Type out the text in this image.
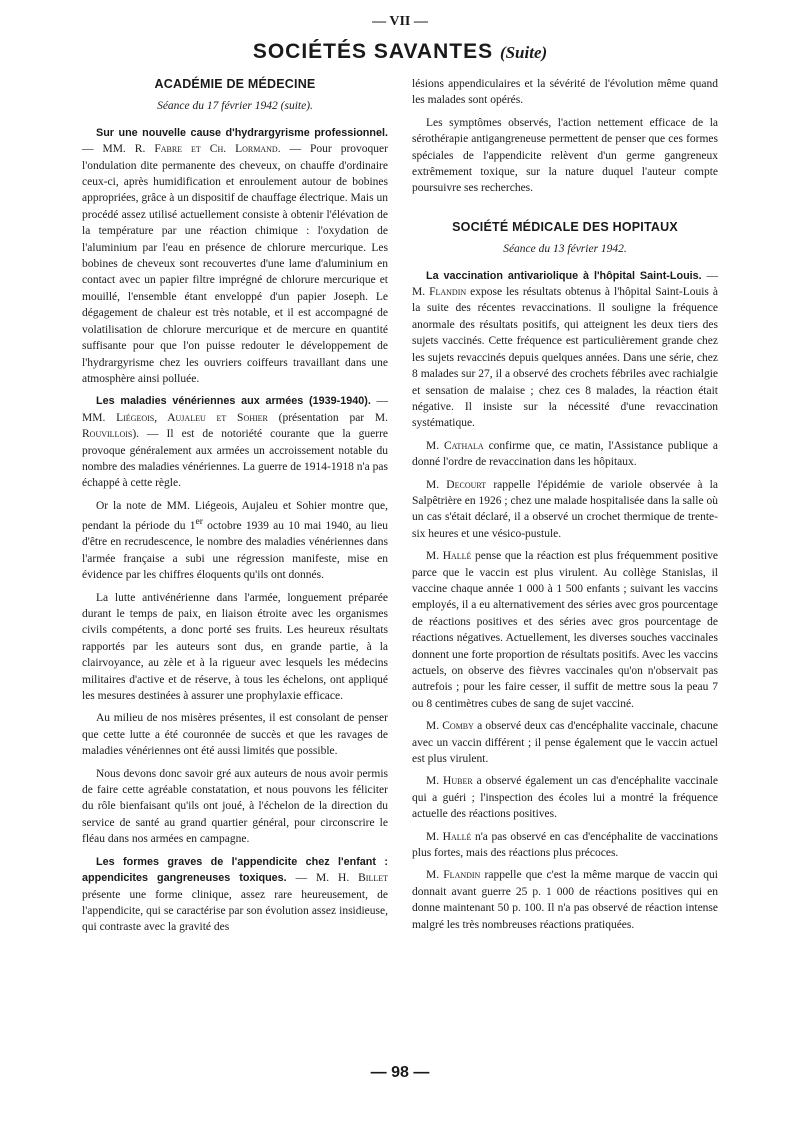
— VII —
SOCIÉTÉS SAVANTES (Suite)
ACADÉMIE DE MÉDECINE
Séance du 17 février 1942 (suite).

Sur une nouvelle cause d'hydrargyrisme professionnel. — MM. R. Fabre et Ch. Lormand. — Pour provoquer l'ondulation dite permanente des cheveux, on chauffe d'ordinaire ceux-ci, après humidification et enroulement autour de bobines appropriées, grâce à un dispositif de chauffage électrique. Mais un procédé assez utilisé actuellement consiste à obtenir l'élévation de la température par une réaction chimique : l'oxydation de l'aluminium par l'eau en présence de chlorure mercurique. Les bobines de cheveux sont recouvertes d'une lame d'aluminium en contact avec un papier filtre imprégné de chlorure mercurique et mouillé, l'ensemble étant enveloppé d'un papier Joseph. Le dégagement de chaleur est très notable, et il est accompagné de volatilisation de chlorure mercurique et de mercure en quantité suffisante pour que l'on puisse redouter le développement de l'hydrargyrisme chez les ouvriers coiffeurs travaillant dans une atmosphère ainsi polluée.

Les maladies vénériennes aux armées (1939-1940). — MM. Liégeois, Aujaleu et Sohier (présentation par M. Rouvillois). — Il est de notoriété courante que la guerre provoque généralement aux armées un accroissement notable du nombre des maladies vénériennes. La guerre de 1914-1918 n'a pas échappé à cette règle.

Or la note de MM. Liégeois, Aujaleu et Sohier montre que, pendant la période du 1er octobre 1939 au 10 mai 1940, au lieu d'être en recrudescence, le nombre des maladies vénériennes dans l'armée française a subi une régression manifeste, mise en évidence par les chiffres éloquents qu'ils ont donnés.

La lutte antivénérienne dans l'armée, longuement préparée durant le temps de paix, en liaison étroite avec les organismes civils compétents, a donc porté ses fruits. Les heureux résultats rapportés par les auteurs sont dus, en grande partie, à la clairvoyance, au zèle et à la rigueur avec lesquels les médecins militaires d'active et de réserve, à tous les échelons, ont appliqué les mesures destinées à assurer une prophylaxie efficace.

Au milieu de nos misères présentes, il est consolant de penser que cette lutte a été couronnée de succès et que les ravages de maladies vénériennes ont été aussi limités que possible.

Nous devons donc savoir gré aux auteurs de nous avoir permis de faire cette agréable constatation, et nous pouvons les féliciter du rôle bienfaisant qu'ils ont joué, à l'échelon de la direction du service de santé au grand quartier général, pour circonscrire le fléau dans nos armées en campagne.

Les formes graves de l'appendicite chez l'enfant : appendicites gangreneuses toxiques. — M. H. Billet présente une forme clinique, assez rare heureusement, de l'appendicite, qui se caractérise par son évolution assez insidieuse, qui contraste avec la gravité des

lésions appendiculaires et la sévérité de l'évolution même quand les malades sont opérés.

Les symptômes observés, l'action nettement efficace de la sérothérapie antigangreneuse permettent de penser que ces formes spéciales de l'appendicite relèvent d'un germe gangreneux extrêmement toxique, sur la nature duquel l'auteur compte poursuivre ses recherches.

SOCIÉTÉ MÉDICALE DES HOPITAUX
Séance du 13 février 1942.

La vaccination antivariolique à l'hôpital Saint-Louis. — M. Flandin expose les résultats obtenus à l'hôpital Saint-Louis à la suite des récentes revaccinations. Il souligne la fréquence anormale des résultats positifs, qui atteignent les deux tiers des sujets vaccinés. Cette fréquence est particulièrement grande chez les sujets revaccinés depuis quelques années. Dans une série, chez 8 malades sur 27, il a observé des crochets fébriles avec rachialgie et sensation de malaise ; chez ces 8 malades, la réaction était négative. Il insiste sur la nécessité d'une revaccination systématique.

M. Cathala confirme que, ce matin, l'Assistance publique a donné l'ordre de revaccination dans les hôpitaux.

M. Decourt rappelle l'épidémie de variole observée à la Salpêtrière en 1926 ; chez une malade hospitalisée dans la salle où un cas s'était déclaré, il a observé un crochet thermique de trente-six heures et une vésico-pustule.

M. Hallé pense que la réaction est plus fréquemment positive parce que le vaccin est plus virulent. Au collège Stanislas, il vaccine chaque année 1 000 à 1 500 enfants ; suivant les vaccins employés, il a eu alternativement des séries avec gros pourcentage de réactions positives et des séries avec gros pourcentage de réactions négatives. Actuellement, les diverses souches vaccinales donnent une forte proportion de résultats positifs. Avec les vaccins actuels, on observe des fièvres vaccinales qu'on n'observait pas autrefois ; pour les faire cesser, il suffit de mettre sous la peau 7 ou 8 centimètres cubes de sang de sujet vacciné.

M. Comby a observé deux cas d'encéphalite vaccinale, chacune avec un vaccin différent ; il pense également que le vaccin actuel est plus virulent.

M. Huber a observé également un cas d'encéphalite vaccinale qui a guéri ; l'inspection des écoles lui a montré la fréquence actuelle des réactions positives.

M. Hallé n'a pas observé en cas d'encéphalite de vaccinations plus fortes, mais des réactions plus précoces.

M. Flandin rappelle que c'est la même marque de vaccin qui donnait avant guerre 25 p. 1 000 de réactions positives qui en donne maintenant 50 p. 100. Il n'a pas observé de réaction intense malgré les très nombreuses réactions pratiquées.

— 98 —
